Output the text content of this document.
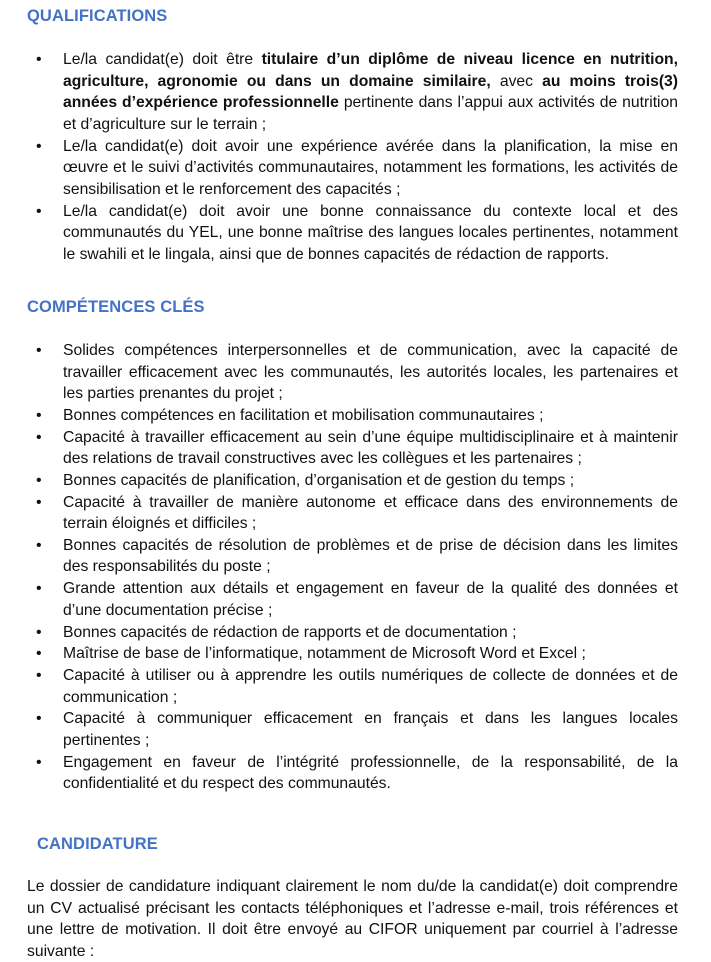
QUALIFICATIONS
• Le/la candidat(e) doit être titulaire d’un diplôme de niveau licence en nutrition, agriculture, agronomie ou dans un domaine similaire, avec au moins trois(3) années d’expérience professionnelle pertinente dans l’appui aux activités de nutrition et d’agriculture sur le terrain ;
• Le/la candidat(e) doit avoir une expérience avérée dans la planification, la mise en œuvre et le suivi d’activités communautaires, notamment les formations, les activités de sensibilisation et le renforcement des capacités ;
• Le/la candidat(e) doit avoir une bonne connaissance du contexte local et des communautés du YEL, une bonne maîtrise des langues locales pertinentes, notamment le swahili et le lingala, ainsi que de bonnes capacités de rédaction de rapports.
COMPÉTENCES CLÉS
• Solides compétences interpersonnelles et de communication, avec la capacité de travailler efficacement avec les communautés, les autorités locales, les partenaires et les parties prenantes du projet ;
• Bonnes compétences en facilitation et mobilisation communautaires ;
• Capacité à travailler efficacement au sein d’une équipe multidisciplinaire et à maintenir des relations de travail constructives avec les collègues et les partenaires ;
• Bonnes capacités de planification, d’organisation et de gestion du temps ;
• Capacité à travailler de manière autonome et efficace dans des environnements de terrain éloignés et difficiles ;
• Bonnes capacités de résolution de problèmes et de prise de décision dans les limites des responsabilités du poste ;
• Grande attention aux détails et engagement en faveur de la qualité des données et d’une documentation précise ;
• Bonnes capacités de rédaction de rapports et de documentation ;
• Maîtrise de base de l’informatique, notamment de Microsoft Word et Excel ;
• Capacité à utiliser ou à apprendre les outils numériques de collecte de données et de communication ;
• Capacité à communiquer efficacement en français et dans les langues locales pertinentes ;
• Engagement en faveur de l’intégrité professionnelle, de la responsabilité, de la confidentialité et du respect des communautés.
CANDIDATURE

Le dossier de candidature indiquant clairement le nom du/de la candidat(e) doit comprendre un CV actualisé précisant les contacts téléphoniques et l’adresse e-mail, trois références et une lettre de motivation. Il doit être envoyé au CIFOR uniquement par courriel à l’adresse suivante :
